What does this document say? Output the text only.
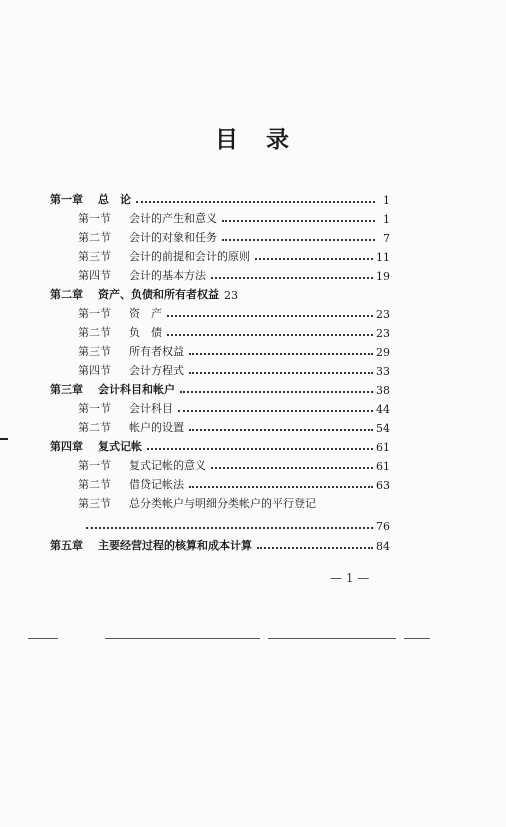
目 录
第一章	总　论	1
第一节	会计的产生和意义	1
第二节	会计的对象和任务	7
第三节	会计的前提和会计的原则	11
第四节	会计的基本方法	19
第二章	资产、负债和所有者权益 23
第一节	资　产	23
第二节	负　债	23
第三节	所有者权益	29
第四节	会计方程式	33
第三章	会计科目和帐户	38
第一节	会计科目	44
第二节	帐户的设置	54
第四章	复式记帐	61
第一节	复式记帐的意义	61
第二节	借贷记帐法	63
第三节	总分类帐户与明细分类帐户的平行登记
76
第五章	主要经营过程的核算和成本计算	84
— 1 —
